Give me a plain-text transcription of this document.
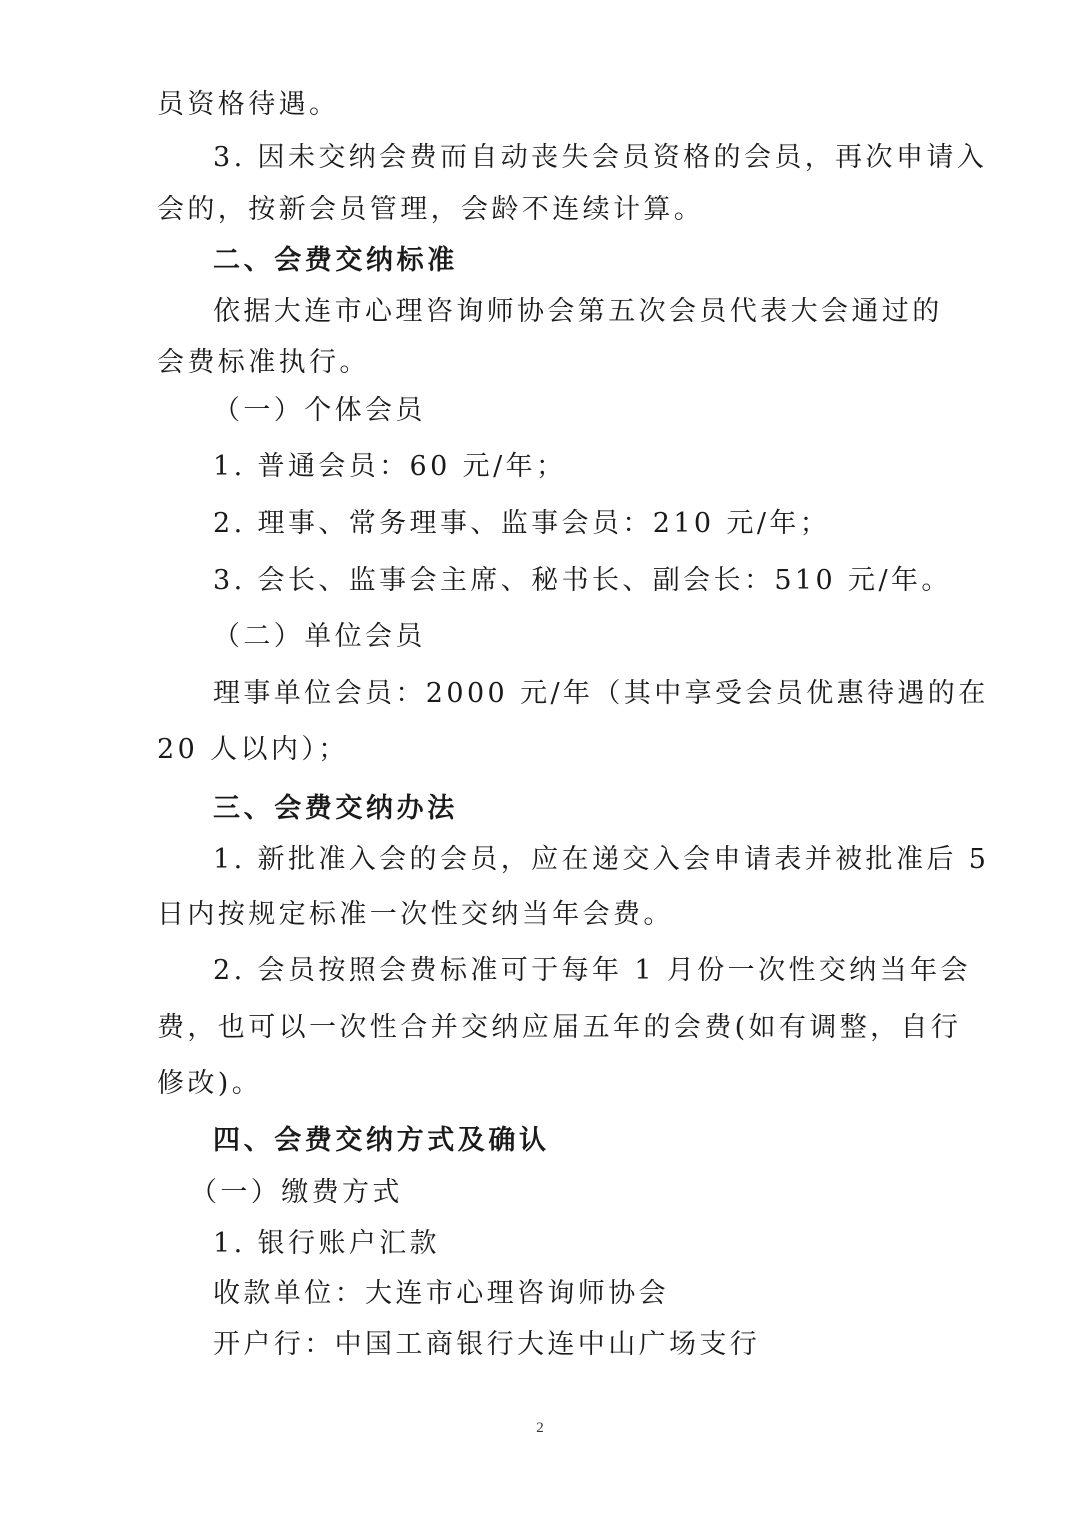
员资格待遇。
3. 因未交纳会费而自动丧失会员资格的会员，再次申请入
会的，按新会员管理，会龄不连续计算。
二、会费交纳标准
依据大连市心理咨询师协会第五次会员代表大会通过的
会费标准执行。
（一）个体会员
1. 普通会员：60 元/年；
2. 理事、常务理事、监事会员：210 元/年；
3. 会长、监事会主席、秘书长、副会长：510 元/年。
（二）单位会员
理事单位会员：2000 元/年（其中享受会员优惠待遇的在
20 人以内）；
三、会费交纳办法
1. 新批准入会的会员，应在递交入会申请表并被批准后 5
日内按规定标准一次性交纳当年会费。
2. 会员按照会费标准可于每年 1 月份一次性交纳当年会
费，也可以一次性合并交纳应届五年的会费(如有调整，自行
修改)。
四、会费交纳方式及确认
（一）缴费方式
1. 银行账户汇款
收款单位：大连市心理咨询师协会
开户行：中国工商银行大连中山广场支行
2
